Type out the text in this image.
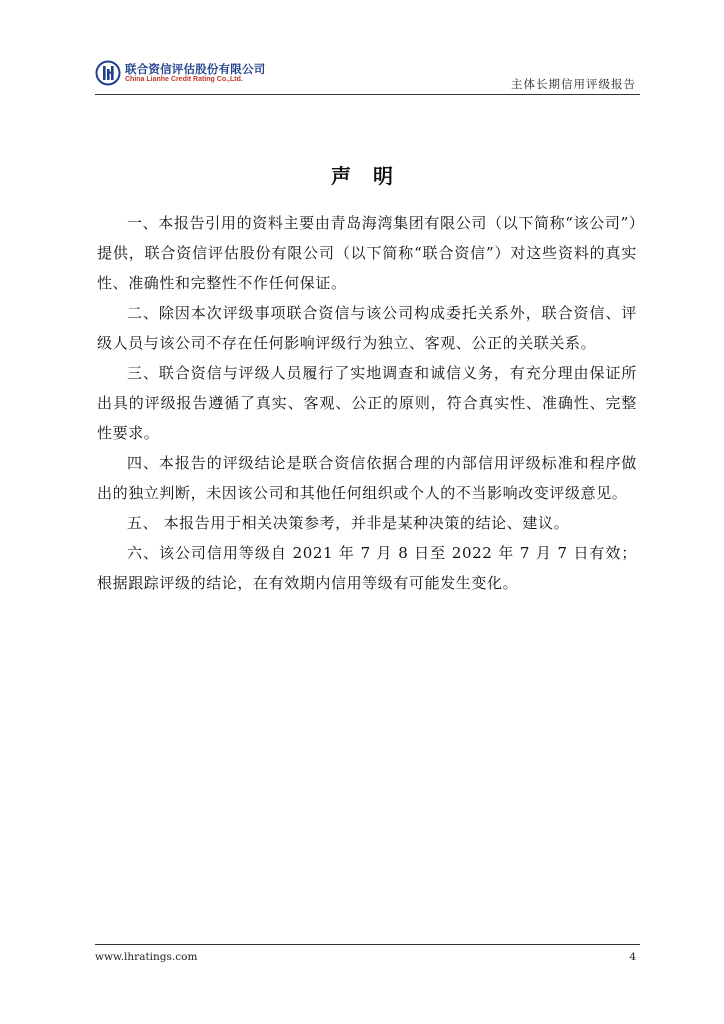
联合资信评估股份有限公司
China Lianhe Credit Rating Co.,Ltd.	主体长期信用评级报告
声明

一、本报告引用的资料主要由青岛海湾集团有限公司（以下简称“该公司”）提供，联合资信评估股份有限公司（以下简称“联合资信”）对这些资料的真实性、准确性和完整性不作任何保证。

二、除因本次评级事项联合资信与该公司构成委托关系外，联合资信、评级人员与该公司不存在任何影响评级行为独立、客观、公正的关联关系。

三、联合资信与评级人员履行了实地调查和诚信义务，有充分理由保证所出具的评级报告遵循了真实、客观、公正的原则，符合真实性、准确性、完整性要求。

四、本报告的评级结论是联合资信依据合理的内部信用评级标准和程序做出的独立判断，未因该公司和其他任何组织或个人的不当影响改变评级意见。

五、 本报告用于相关决策参考，并非是某种决策的结论、建议。

六、该公司信用等级自 2021 年 7 月 8 日至 2022 年 7 月 7 日有效；根据跟踪评级的结论，在有效期内信用等级有可能发生变化。

www.lhratings.com	4
